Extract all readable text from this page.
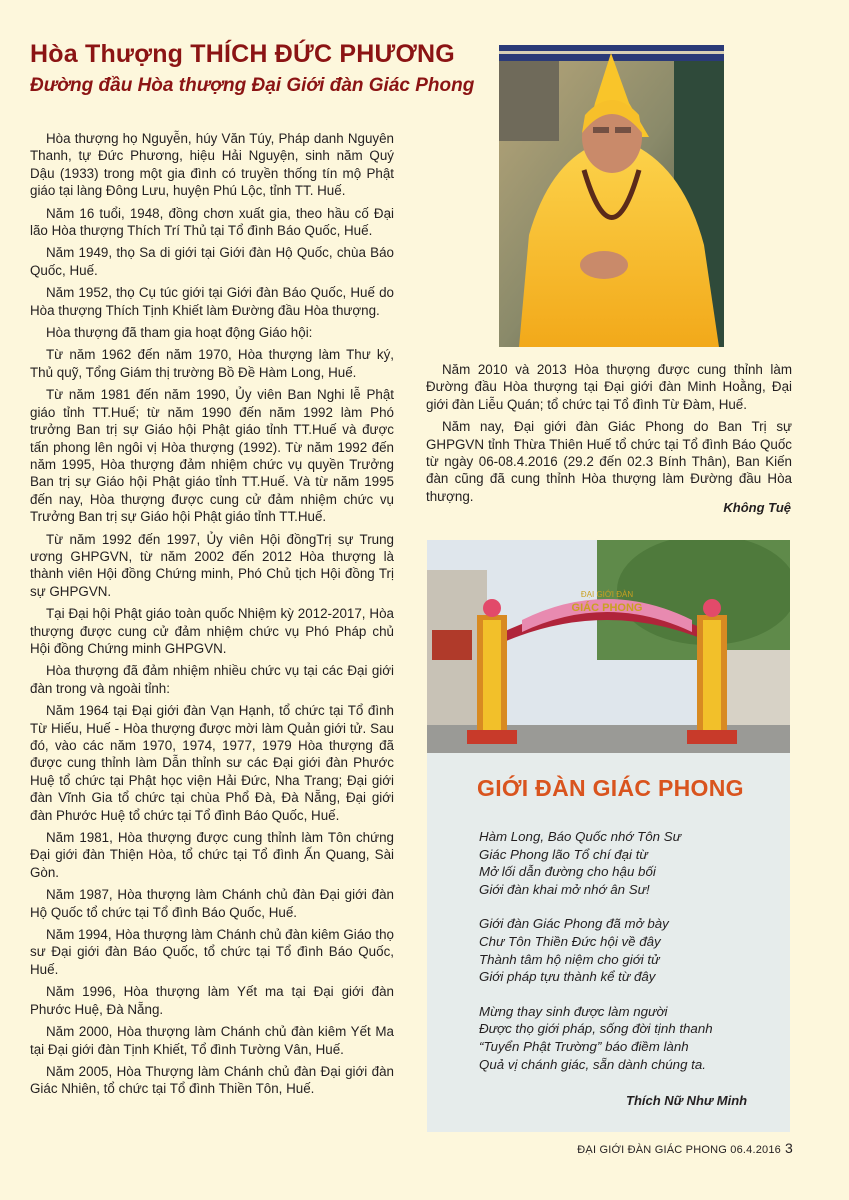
Hòa Thượng THÍCH ĐỨC PHƯƠNG
Đường đầu Hòa thượng Đại Giới đàn Giác Phong

Hòa thượng họ Nguyễn, húy Văn Túy, Pháp danh Nguyên Thanh, tự Đức Phương, hiệu Hải Nguyện, sinh năm Quý Dậu (1933) trong một gia đình có truyền thống tín mộ Phật giáo tại làng Đông Lưu, huyện Phú Lộc, tỉnh TT. Huế.

Năm 16 tuổi, 1948, đồng chơn xuất gia, theo hầu cố Đại lão Hòa thượng Thích Trí Thủ tại Tổ đình Báo Quốc, Huế.

Năm 1949, thọ Sa di giới tại Giới đàn Hộ Quốc, chùa Báo Quốc, Huế.

Năm 1952, thọ Cụ túc giới tại Giới đàn Báo Quốc, Huế do Hòa thượng Thích Tịnh Khiết làm Đường đầu Hòa thượng.

Hòa thượng đã tham gia hoạt động Giáo hội:

Từ năm 1962 đến năm 1970, Hòa thượng làm Thư ký, Thủ quỹ, Tổng Giám thị trường Bồ Đề Hàm Long, Huế.

Từ năm 1981 đến năm 1990, Ủy viên Ban Nghi lễ Phật giáo tỉnh TT.Huế; từ năm 1990 đến năm 1992 làm Phó trưởng Ban trị sự Giáo hội Phật giáo tỉnh TT.Huế và được tấn phong lên ngôi vị Hòa thượng (1992). Từ năm 1992 đến năm 1995, Hòa thượng đảm nhiệm chức vụ quyền Trưởng Ban trị sự Giáo hội Phật giáo tỉnh TT.Huế. Và từ năm 1995 đến nay, Hòa thượng được cung cử đảm nhiệm chức vụ Trưởng Ban trị sự Giáo hội Phật giáo tỉnh TT.Huế.

Từ năm 1992 đến 1997, Ủy viên Hội đồngTrị sự Trung ương GHPGVN, từ năm 2002 đến 2012 Hòa thượng là thành viên Hội đồng Chứng minh, Phó Chủ tịch Hội đồng Trị sự GHPGVN.

Tại Đại hội Phật giáo toàn quốc Nhiệm kỳ 2012-2017, Hòa thượng được cung cử đảm nhiệm chức vụ Phó Pháp chủ Hội đồng Chứng minh GHPGVN.

Hòa thượng đã đảm nhiệm nhiều chức vụ tại các Đại giới đàn trong và ngoài tỉnh:

Năm 1964 tại Đại giới đàn Vạn Hạnh, tổ chức tại Tổ đình Từ Hiếu, Huế - Hòa thượng được mời làm Quản giới tử. Sau đó, vào các năm 1970, 1974, 1977, 1979 Hòa thượng đã được cung thỉnh làm Dẫn thỉnh sư các Đại giới đàn Phước Huệ tổ chức tại Phật học viện Hải Đức, Nha Trang; Đại giới đàn Vĩnh Gia tổ chức tại chùa Phổ Đà, Đà Nẵng, Đại giới đàn Phước Huệ tổ chức tại Tổ đình Báo Quốc, Huế.

Năm 1981, Hòa thượng được cung thỉnh làm Tôn chứng Đại giới đàn Thiện Hòa, tổ chức tại Tổ đình Ấn Quang, Sài Gòn.

Năm 1987, Hòa thượng làm Chánh chủ đàn Đại giới đàn Hộ Quốc tổ chức tại Tổ đình Báo Quốc, Huế.

Năm 1994, Hòa thượng làm Chánh chủ đàn kiêm Giáo thọ sư Đại giới đàn Báo Quốc, tổ chức tại Tổ đình Báo Quốc, Huế.

Năm 1996, Hòa thượng làm Yết ma tại Đại giới đàn Phước Huệ, Đà Nẵng.

Năm 2000, Hòa thượng làm Chánh chủ đàn kiêm Yết Ma tại Đại giới đàn Tịnh Khiết, Tổ đình Tường Vân, Huế.

Năm 2005, Hòa Thượng làm Chánh chủ đàn Đại giới đàn Giác Nhiên, tổ chức tại Tổ đình Thiền Tôn, Huế.

Năm 2010 và 2013 Hòa thượng được cung thỉnh làm Đường đầu Hòa thượng tại Đại giới đàn Minh Hoằng, Đại giới đàn Liễu Quán; tổ chức tại Tổ đình Từ Đàm, Huế.

Năm nay, Đại giới đàn Giác Phong do Ban Trị sự GHPGVN tỉnh Thừa Thiên Huế tổ chức tại Tổ đình Báo Quốc từ ngày 06-08.4.2016 (29.2 đến 02.3 Bính Thân), Ban Kiến đàn cũng đã cung thỉnh Hòa thượng làm Đường đầu Hòa thượng.

Không Tuệ
ĐẠI GIỚI ĐÀN
GIÁC PHONG
GIỚI ĐÀN GIÁC PHONG
Hàm Long, Báo Quốc nhớ Tôn Sư
Giác Phong lão Tổ chí đại từ
Mở lối dẫn đường cho hậu bối
Giới đàn khai mở nhớ ân Sư!
Giới đàn Giác Phong đã mở bày
Chư Tôn Thiền Đức hội về đây
Thành tâm hộ niệm cho giới tử
Giới pháp tựu thành kể từ đây
Mừng thay sinh được làm người
Được thọ giới pháp, sống đời tịnh thanh
“Tuyển Phật Trường” báo điềm lành
Quả vị chánh giác, sẵn dành chúng ta.
Thích Nữ Như Minh
ĐẠI GIỚI ĐÀN GIÁC PHONG 06.4.2016 3
